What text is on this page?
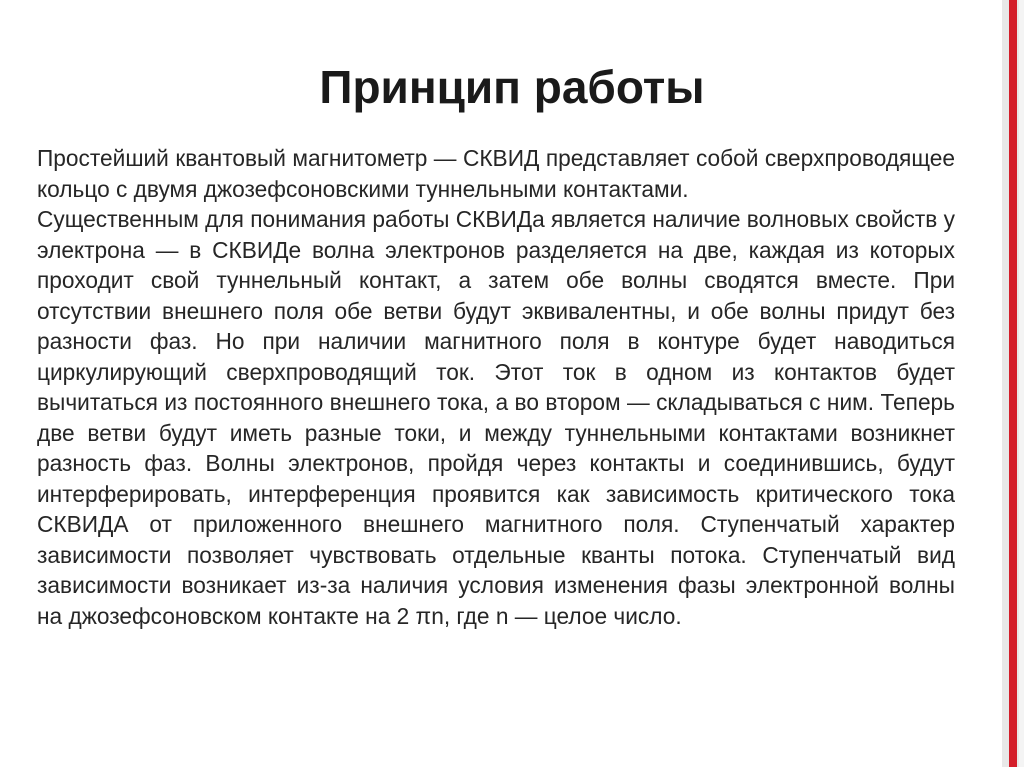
Принцип работы

Простейший квантовый магнитометр — СКВИД представляет собой сверхпроводящее кольцо с двумя джозефсоновскими туннельными контактами.

Существенным для понимания работы СКВИДа является наличие волновых свойств у электрона — в СКВИДе волна электронов разделяется на две, каждая из которых проходит свой туннельный контакт, а затем обе волны сводятся вместе. При отсутствии внешнего поля обе ветви будут эквивалентны, и обе волны придут без разности фаз. Но при наличии магнитного поля в контуре будет наводиться циркулирующий сверхпроводящий ток. Этот ток в одном из контактов будет вычитаться из постоянного внешнего тока, а во втором — складываться с ним. Теперь две ветви будут иметь разные токи, и между туннельными контактами возникнет разность фаз. Волны электронов, пройдя через контакты и соединившись, будут интерферировать, интерференция проявится как зависимость критического тока СКВИДА от приложенного внешнего магнитного поля. Ступенчатый характер зависимости позволяет чувствовать отдельные кванты потока. Ступенчатый вид зависимости возникает из-за наличия условия изменения фазы электронной волны на джозефсоновском контакте на 2 πn, где n — целое число.
